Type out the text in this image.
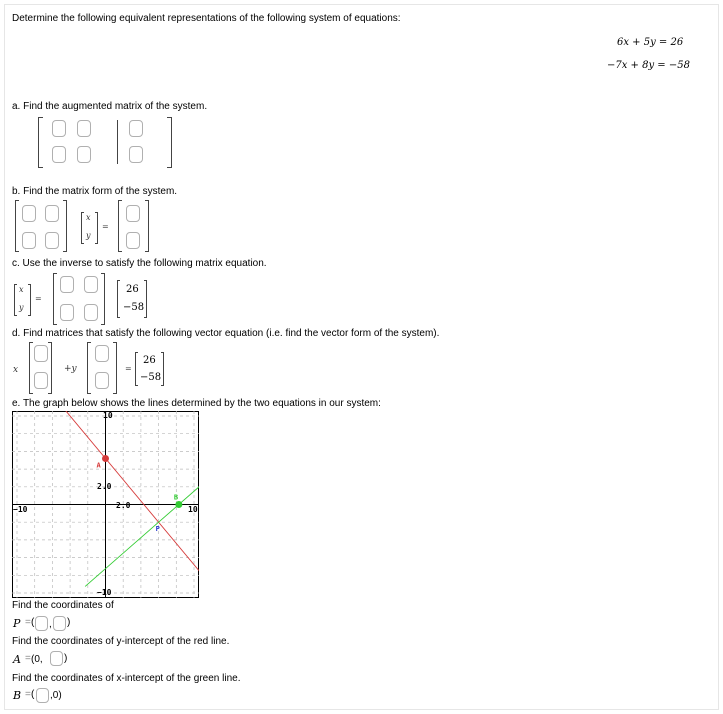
Determine the following equivalent representations of the following system of equations:
6x + 5y = 26
−7x + 8y = −58
a. Find the augmented matrix of the system.
b. Find the matrix form of the system.
x
y
=
c. Use the inverse to satisfy the following matrix equation.
x
y
=
26
−58
d. Find matrices that satisfy the following vector equation (i.e. find the vector form of the system).
x	+y	=
26
−58
e. The graph below shows the lines determined by the two equations in our system:
A
B
P
10
−10
−10	10
2.0
2.0
Find the coordinates of
P = ( , )
Find the coordinates of y-intercept of the red line.
A = (0, )
Find the coordinates of x-intercept of the green line.
B = ( ,0)
